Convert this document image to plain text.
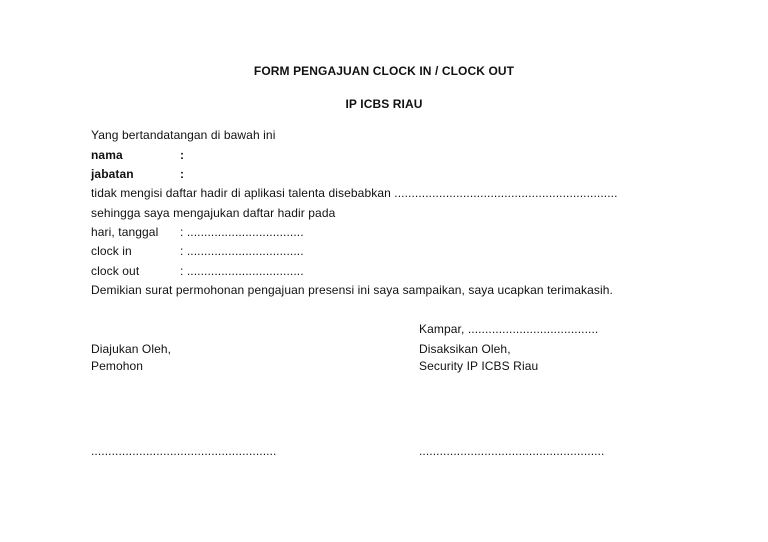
FORM PENGAJUAN CLOCK IN / CLOCK OUT
IP ICBS RIAU
Yang bertandatangan di bawah ini
nama	:
jabatan	:
tidak mengisi daftar hadir di aplikasi talenta disebabkan .................................................................
sehingga saya mengajukan daftar hadir pada
hari, tanggal : ..................................
clock in	: ..................................
clock out	: ..................................
Demikian surat permohonan pengajuan presensi ini saya sampaikan, saya ucapkan terimakasih.
Kampar, ......................................
Diajukan Oleh,
Pemohon
Disaksikan Oleh,
Security IP ICBS Riau
......................................................	......................................................
